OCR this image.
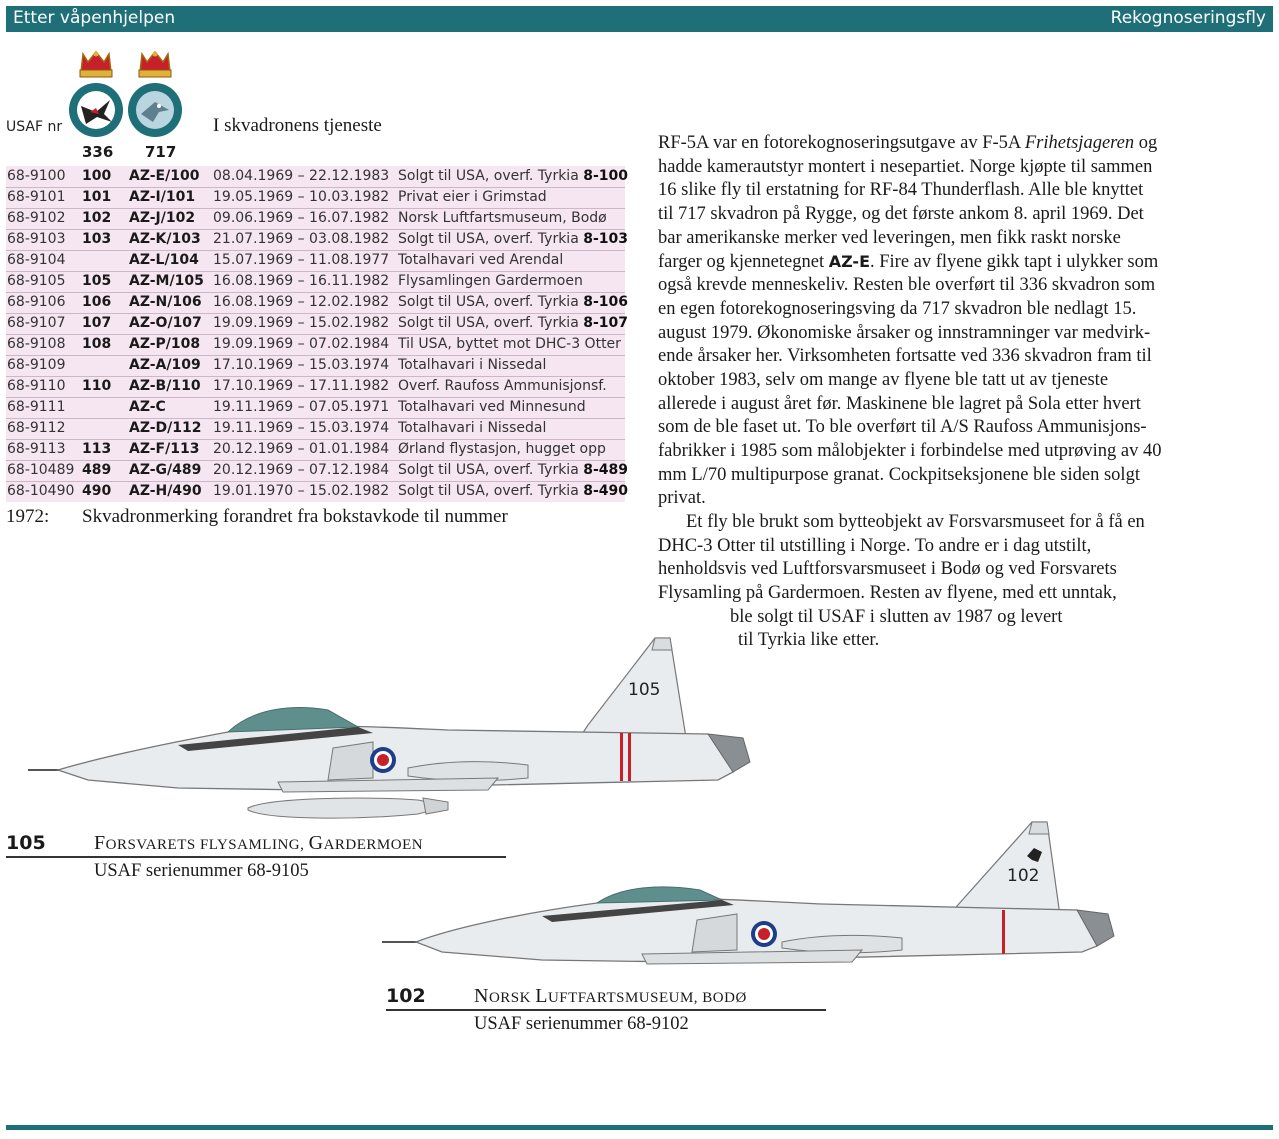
Etter våpenhjelpen	Rekognoseringsfly
USAF nr	I skvadronens tjeneste
336 717
68-9100 100 AZ-E/100 08.04.1969 – 22.12.1983 Solgt til USA, overf. Tyrkia 8-100
68-9101 101 AZ-I/101 19.05.1969 – 10.03.1982 Privat eier i Grimstad
68-9102 102 AZ-J/102 09.06.1969 – 16.07.1982 Norsk Luftfartsmuseum, Bodø
68-9103 103 AZ-K/103 21.07.1969 – 03.08.1982 Solgt til USA, overf. Tyrkia 8-103
68-9104	AZ-L/104 15.07.1969 – 11.08.1977 Totalhavari ved Arendal
68-9105 105 AZ-M/105 16.08.1969 – 16.11.1982 Flysamlingen Gardermoen
68-9106 106 AZ-N/106 16.08.1969 – 12.02.1982 Solgt til USA, overf. Tyrkia 8-106
68-9107 107 AZ-O/107 19.09.1969 – 15.02.1982 Solgt til USA, overf. Tyrkia 8-107
68-9108 108 AZ-P/108 19.09.1969 – 07.02.1984 Til USA, byttet mot DHC-3 Otter
68-9109	AZ-A/109 17.10.1969 – 15.03.1974 Totalhavari i Nissedal
68-9110 110 AZ-B/110 17.10.1969 – 17.11.1982 Overf. Raufoss Ammunisjonsf.
68-9111	AZ-C	19.11.1969 – 07.05.1971 Totalhavari ved Minnesund
68-9112	AZ-D/112 19.11.1969 – 15.03.1974 Totalhavari i Nissedal
68-9113 113 AZ-F/113 20.12.1969 – 01.01.1984 Ørland flystasjon, hugget opp
68-10489 489 AZ-G/489 20.12.1969 – 07.12.1984 Solgt til USA, overf. Tyrkia 8-489
68-10490 490 AZ-H/490 19.01.1970 – 15.02.1982 Solgt til USA, overf. Tyrkia 8-490
1972: Skvadronmerking forandret fra bokstavkode til nummer
RF-5A var en fotorekognoseringsutgave av F-5A Frihetsjageren og
hadde kamerautstyr montert i nesepartiet. Norge kjøpte til sammen
16 slike fly til erstatning for RF-84 Thunderflash. Alle ble knyttet
til 717 skvadron på Rygge, og det første ankom 8. april 1969. Det
bar amerikanske merker ved leveringen, men fikk raskt norske
farger og kjennetegnet AZ-E. Fire av flyene gikk tapt i ulykker som
også krevde menneskeliv. Resten ble overført til 336 skvadron som
en egen fotorekognoseringsving da 717 skvadron ble nedlagt 15.
august 1979. Økonomiske årsaker og innstramninger var medvirk-
ende årsaker her. Virksomheten fortsatte ved 336 skvadron fram til
oktober 1983, selv om mange av flyene ble tatt ut av tjeneste
allerede i august året før. Maskinene ble lagret på Sola etter hvert
som de ble faset ut. To ble overført til A/S Raufoss Ammunisjons-
fabrikker i 1985 som målobjekter i forbindelse med utprøving av 40
mm L/70 multipurpose granat. Cockpitseksjonene ble siden solgt
privat.
Et fly ble brukt som bytteobjekt av Forsvarsmuseet for å få en
DHC-3 Otter til utstilling i Norge. To andre er i dag utstilt,
henholdsvis ved Luftforsvarsmuseet i Bodø og ved Forsvarets
Flysamling på Gardermoen. Resten av flyene, med ett unntak,
ble solgt til USAF i slutten av 1987 og levert
til Tyrkia like etter.
105
105 FORSVARETS FLYSAMLING, GARDERMOEN
USAF serienummer 68-9105	102
102 NORSK LUFTFARTSMUSEUM, BODØ
USAF serienummer 68-9102
